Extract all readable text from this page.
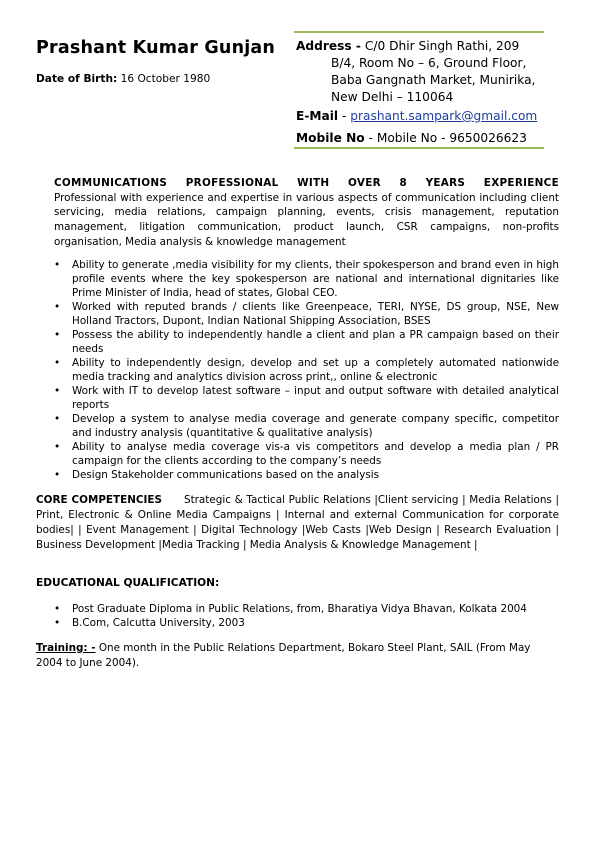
Prashant Kumar Gunjan
Date of Birth: 16 October 1980
Address - C/0 Dhir Singh Rathi, 209
B/4, Room No – 6, Ground Floor,
Baba Gangnath Market, Munirika,
New Delhi – 110064
E-Mail - prashant.sampark@gmail.com
Mobile No - Mobile No - 9650026623
COMMUNICATIONS PROFESSIONAL WITH OVER 8 YEARS EXPERIENCE
Professional with experience and expertise in various aspects of communication including client servicing, media relations, campaign planning, events, crisis management, reputation management, litigation communication, product launch, CSR campaigns, non-profits organisation, Media analysis & knowledge management
• Ability to generate ,media visibility for my clients, their spokesperson and brand even in high profile events where the key spokesperson are national and international dignitaries like Prime Minister of India, head of states, Global CEO.
• Worked with reputed brands / clients like Greenpeace, TERI, NYSE, DS group, NSE, New Holland Tractors, Dupont, Indian National Shipping Association, BSES
• Possess the ability to independently handle a client and plan a PR campaign based on their needs
• Ability to independently design, develop and set up a completely automated nationwide media tracking and analytics division across print,, online & electronic
• Work with IT to develop latest software – input and output software with detailed analytical reports
• Develop a system to analyse media coverage and generate company specific, competitor and industry analysis (quantitative & qualitative analysis)
• Ability to analyse media coverage vis-a vis competitors and develop a media plan / PR campaign for the clients according to the company’s needs
• Design Stakeholder communications based on the analysis
CORE COMPETENCIES Strategic & Tactical Public Relations |Client servicing | Media Relations | Print, Electronic & Online Media Campaigns | Internal and external Communication for corporate bodies| | Event Management | Digital Technology |Web Casts |Web Design | Research Evaluation | Business Development |Media Tracking | Media Analysis & Knowledge Management |
EDUCATIONAL QUALIFICATION:
• Post Graduate Diploma in Public Relations, from, Bharatiya Vidya Bhavan, Kolkata 2004
• B.Com, Calcutta University, 2003
Training: - One month in the Public Relations Department, Bokaro Steel Plant, SAIL (From May 2004 to June 2004).
